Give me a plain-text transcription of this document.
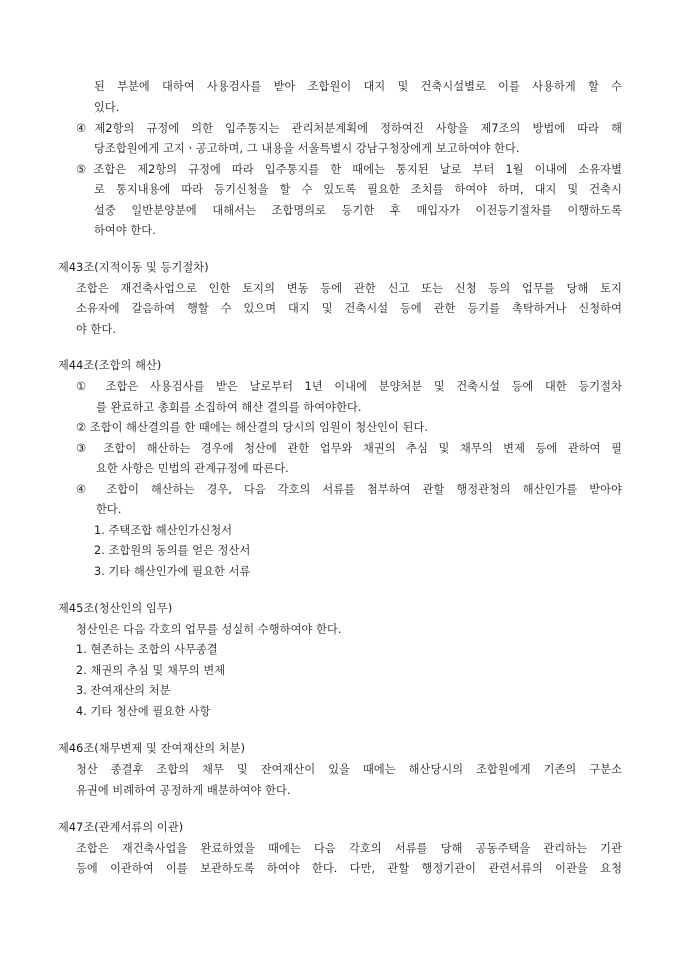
된 부분에 대하여 사용검사를 받아 조합원이 대지 및 건축시설별로 이를 사용하게 할 수
있다.
④제2항의 규정에 의한 입주통지는 관리처분계획에 정하여진 사항을 제7조의 방법에 따라 해
당조합원에게 고지ㆍ공고하며, 그 내용을 서울특별시 강남구청장에게 보고하여야 한다.
⑤조합은 제2항의 규정에 따라 입주통지를 한 때에는 통지된 날로 부터 1월 이내에 소유자별
로 통지내용에 따라 등기신청을 할 수 있도록 필요한 조치를 하여야 하며, 대지 및 건축시
설중 일반분양분에 대해서는 조합명의로 등기한 후 매입자가 이전등기절차를 이행하도록
하여야 한다.
제43조(지적이동 및 등기절차)
조합은 재건축사업으로 인한 토지의 변동 등에 관한 신고 또는 신청 등의 업무를 당해 토지
소유자에 갈음하여 행할 수 있으며 대지 및 건축시설 등에 관한 등기를 촉탁하거나 신청하여
야 한다.
제44조(조합의 해산)
① 조합은 사용검사를 받은 날로부터 1년 이내에 분양처분 및 건축시설 등에 대한 등기절차
를 완료하고 총회를 소집하여 해산 결의를 하여야한다.
② 조합이 해산결의를 한 때에는 해산결의 당시의 임원이 청산인이 된다.
③ 조합이 해산하는 경우에 청산에 관한 업무와 채권의 추심 및 채무의 변제 등에 관하여 필
요한 사항은 민법의 관계규정에 따른다.
④ 조합이 해산하는 경우, 다음 각호의 서류를 첨부하여 관할 행정관청의 해산인가를 받아야
한다.
1. 주택조합 해산인가신청서
2. 조합원의 동의를 얻은 정산서
3. 기타 해산인가에 필요한 서류
제45조(청산인의 임무)
청산인은 다음 각호의 업무를 성실히 수행하여야 한다.
1. 현존하는 조합의 사무종결
2. 채권의 추심 및 채무의 변제
3. 잔여재산의 처분
4. 기타 청산에 필요한 사항
제46조(채무변제 및 잔여재산의 처분)
청산 종결후 조합의 채무 및 잔여재산이 있을 때에는 해산당시의 조합원에게 기존의 구분소
유권에 비례하여 공정하게 배분하여야 한다.
제47조(관계서류의 이관)
조합은 재건축사업을 완료하였을 때에는 다음 각호의 서류를 당해 공동주택을 관리하는 기관
등에 이관하여 이를 보관하도록 하여야 한다. 다만, 관할 행정기관이 관련서류의 이관을 요청
